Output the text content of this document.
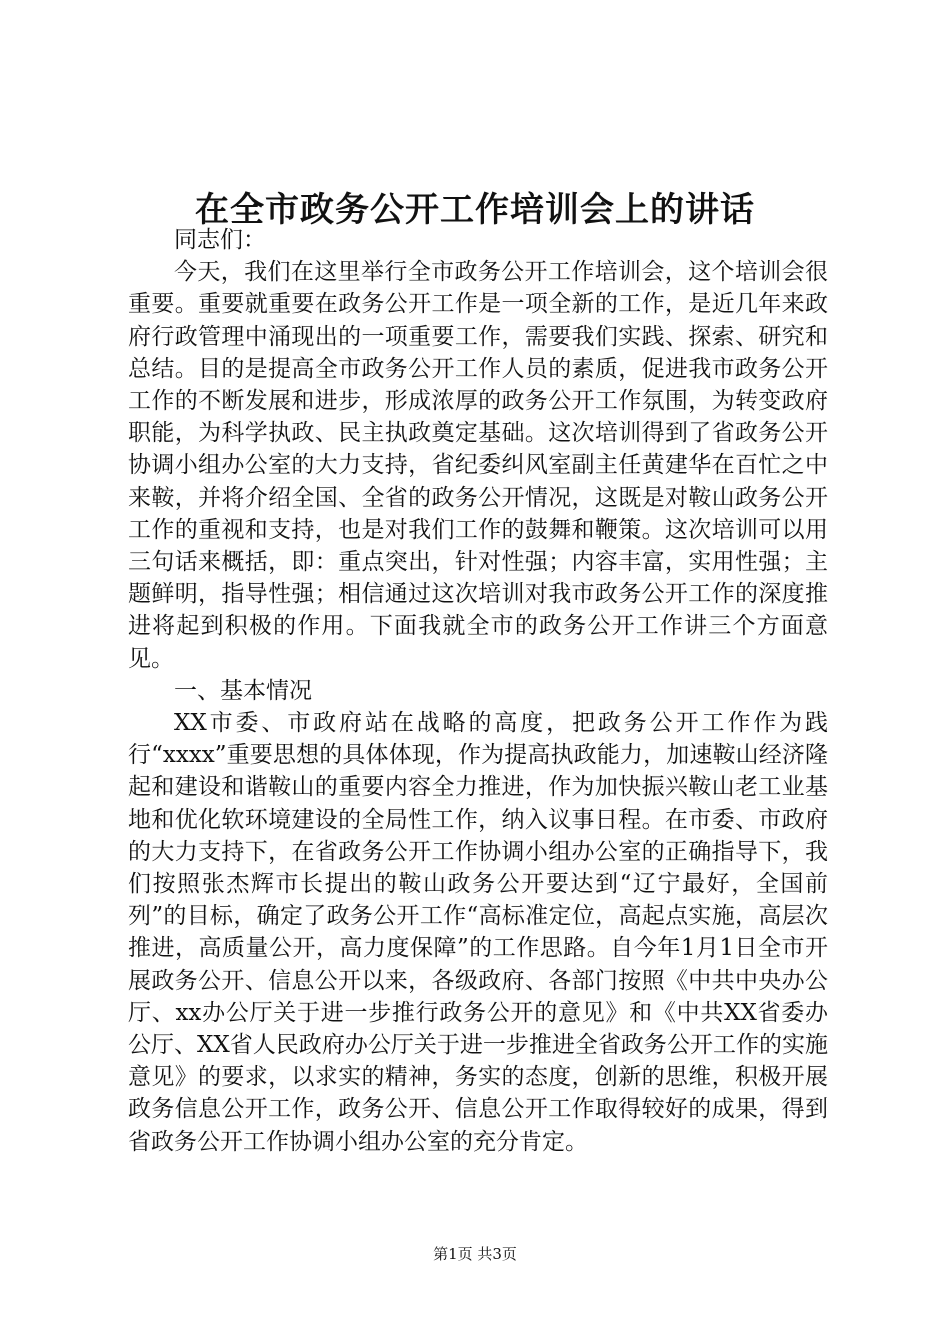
在全市政务公开工作培训会上的讲话

同志们：

今天，我们在这里举行全市政务公开工作培训会，这个培训会很重要。重要就重要在政务公开工作是一项全新的工作，是近几年来政府行政管理中涌现出的一项重要工作，需要我们实践、探索、研究和总结。目的是提高全市政务公开工作人员的素质，促进我市政务公开工作的不断发展和进步，形成浓厚的政务公开工作氛围，为转变政府职能，为科学执政、民主执政奠定基础。这次培训得到了省政务公开协调小组办公室的大力支持，省纪委纠风室副主任黄建华在百忙之中来鞍，并将介绍全国、全省的政务公开情况，这既是对鞍山政务公开工作的重视和支持，也是对我们工作的鼓舞和鞭策。这次培训可以用三句话来概括，即：重点突出，针对性强；内容丰富，实用性强；主题鲜明，指导性强；相信通过这次培训对我市政务公开工作的深度推进将起到积极的作用。下面我就全市的政务公开工作讲三个方面意见。

一、基本情况

XX市委、市政府站在战略的高度，把政务公开工作作为践行“xxxx”重要思想的具体体现，作为提高执政能力，加速鞍山经济隆起和建设和谐鞍山的重要内容全力推进，作为加快振兴鞍山老工业基地和优化软环境建设的全局性工作，纳入议事日程。在市委、市政府的大力支持下，在省政务公开工作协调小组办公室的正确指导下，我们按照张杰辉市长提出的鞍山政务公开要达到“辽宁最好，全国前列”的目标，确定了政务公开工作“高标准定位，高起点实施，高层次推进，高质量公开，高力度保障”的工作思路。自今年1月1日全市开展政务公开、信息公开以来，各级政府、各部门按照《中共中央办公厅、xx办公厅关于进一步推行政务公开的意见》和《中共XX省委办公厅、XX省人民政府办公厅关于进一步推进全省政务公开工作的实施意见》的要求，以求实的精神，务实的态度，创新的思维，积极开展政务信息公开工作，政务公开、信息公开工作取得较好的成果，得到省政务公开工作协调小组办公室的充分肯定。

第1页 共3页
